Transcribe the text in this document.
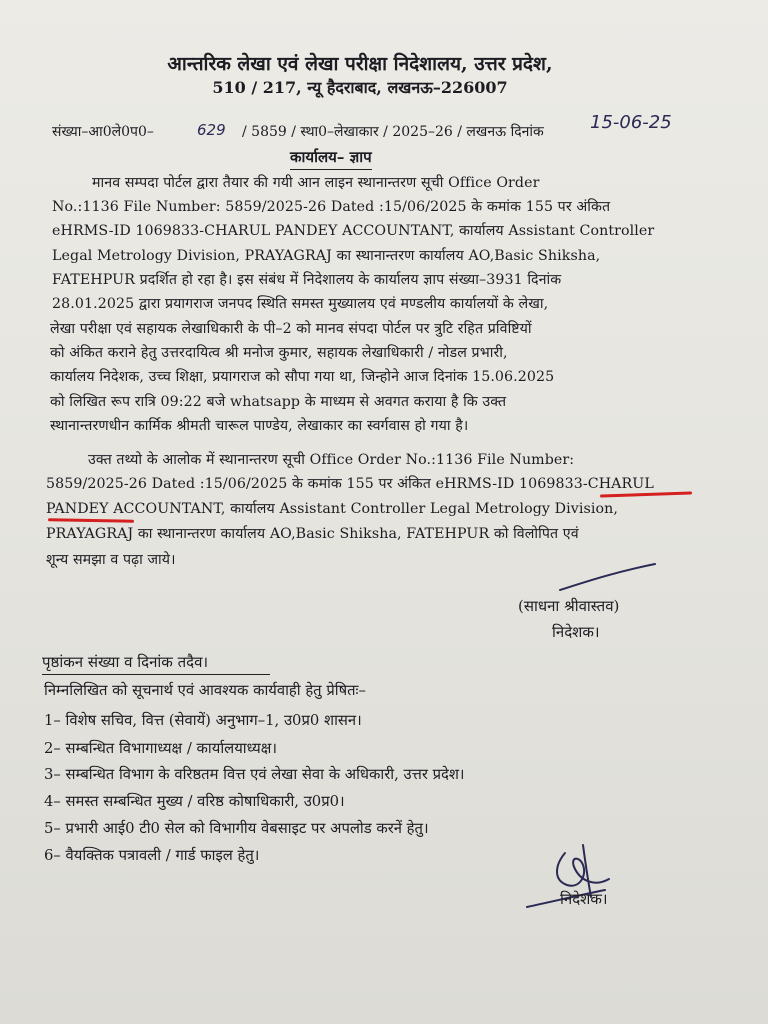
आन्तरिक लेखा एवं लेखा परीक्षा निदेशालय, उत्तर प्रदेश,
510 / 217, न्यू हैदराबाद, लखनऊ–226007
संख्या–आ0ले0प0–	629 / 5859 / स्था0–लेखाकार / 2025–26 / लखनऊ दिनांक	15-06-25
कार्यालय– ज्ञाप
मानव सम्पदा पोर्टल द्वारा तैयार की गयी आन लाइन स्थानान्तरण सूची Office Order
No.:1136 File Number: 5859/2025-26 Dated :15/06/2025 के कमांक 155 पर अंकित
eHRMS-ID 1069833-CHARUL PANDEY ACCOUNTANT, कार्यालय Assistant Controller
Legal Metrology Division, PRAYAGRAJ का स्थानान्तरण कार्यालय AO,Basic Shiksha,
FATEHPUR प्रदर्शित हो रहा है। इस संबंध में निदेशालय के कार्यालय ज्ञाप संख्या–3931 दिनांक
28.01.2025 द्वारा प्रयागराज जनपद स्थिति समस्त मुख्यालय एवं मण्डलीय कार्यालयों के लेखा,
लेखा परीक्षा एवं सहायक लेखाधिकारी के पी–2 को मानव संपदा पोर्टल पर त्रुटि रहित प्रविष्टियों
को अंकित कराने हेतु उत्तरदायित्व श्री मनोज कुमार, सहायक लेखाधिकारी / नोडल प्रभारी,
कार्यालय निदेशक, उच्च शिक्षा, प्रयागराज को सौपा गया था, जिन्होने आज दिनांक 15.06.2025
को लिखित रूप रात्रि 09:22 बजे whatsapp के माध्यम से अवगत कराया है कि उक्त
स्थानान्तरणधीन कार्मिक श्रीमती चारूल पाण्डेय, लेखाकार का स्वर्गवास हो गया है।
उक्त तथ्यो के आलोक में स्थानान्तरण सूची Office Order No.:1136 File Number:
5859/2025-26 Dated :15/06/2025 के कमांक 155 पर अंकित eHRMS-ID 1069833-CHARUL
PANDEY ACCOUNTANT, कार्यालय Assistant Controller Legal Metrology Division,
PRAYAGRAJ का स्थानान्तरण कार्यालय AO,Basic Shiksha, FATEHPUR को विलोपित एवं
शून्य समझा व पढ़ा जाये।
(साधना श्रीवास्तव)
निदेशक।
पृष्ठांकन संख्या व दिनांक तदैव।
निम्नलिखित को सूचनार्थ एवं आवश्यक कार्यवाही हेतु प्रेषितः–
1– विशेष सचिव, वित्त (सेवायें) अनुभाग–1, उ0प्र0 शासन।
2– सम्बन्धित विभागाध्यक्ष / कार्यालयाध्यक्ष।
3– सम्बन्धित विभाग के वरिष्ठतम वित्त एवं लेखा सेवा के अधिकारी, उत्तर प्रदेश।
4– समस्त सम्बन्धित मुख्य / वरिष्ठ कोषाधिकारी, उ0प्र0।
5– प्रभारी आई0 टी0 सेल को विभागीय वेबसाइट पर अपलोड करनें हेतु।
6– वैयक्तिक पत्रावली / गार्ड फाइल हेतु।
निदेशक।
